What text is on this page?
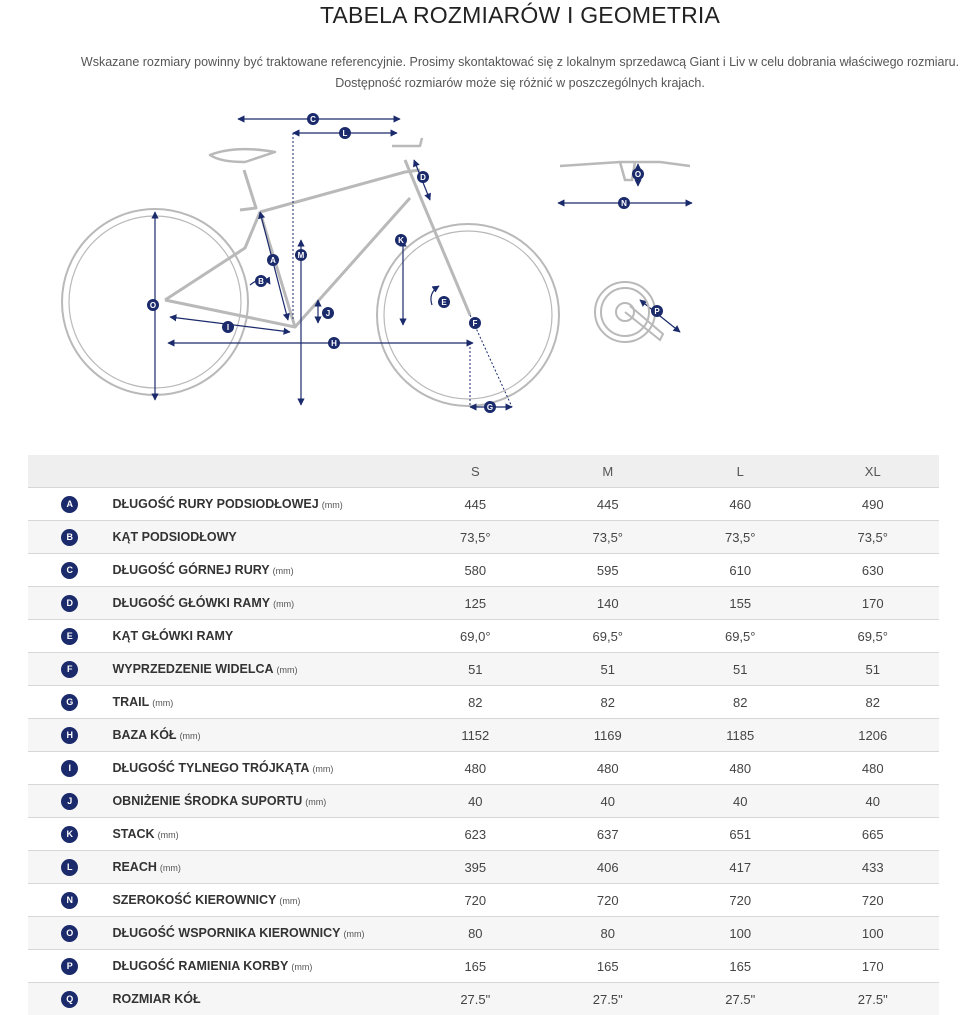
TABELA ROZMIARÓW I GEOMETRIA
Wskazane rozmiary powinny być traktowane referencyjnie. Prosimy skontaktować się z lokalnym sprzedawcą Giant i Liv w celu dobrania właściwego rozmiaru.
Dostępność rozmiarów może się różnić w poszczególnych krajach.
C
L
D
K
M
A
B
O
I
J
E
F
H
G
O
N
P
		S	M	L	XL
A	DŁUGOŚĆ RURY PODSIODŁOWEJ (mm)	445	445	460	490
B	KĄT PODSIODŁOWY	73,5°	73,5°	73,5°	73,5°
C	DŁUGOŚĆ GÓRNEJ RURY (mm)	580	595	610	630
D	DŁUGOŚĆ GŁÓWKI RAMY (mm)	125	140	155	170
E	KĄT GŁÓWKI RAMY	69,0°	69,5°	69,5°	69,5°
F	WYPRZEDZENIE WIDELCA (mm)	51	51	51	51
G	TRAIL (mm)	82	82	82	82
H	BAZA KÓŁ (mm)	1152	1169	1185	1206
I	DŁUGOŚĆ TYLNEGO TRÓJKĄTA (mm)	480	480	480	480
J	OBNIŻENIE ŚRODKA SUPORTU (mm)	40	40	40	40
K	STACK (mm)	623	637	651	665
L	REACH (mm)	395	406	417	433
N	SZEROKOŚĆ KIEROWNICY (mm)	720	720	720	720
O	DŁUGOŚĆ WSPORNIKA KIEROWNICY (mm)	80	80	100	100
P	DŁUGOŚĆ RAMIENIA KORBY (mm)	165	165	165	170
Q	ROZMIAR KÓŁ	27.5"	27.5"	27.5"	27.5"
